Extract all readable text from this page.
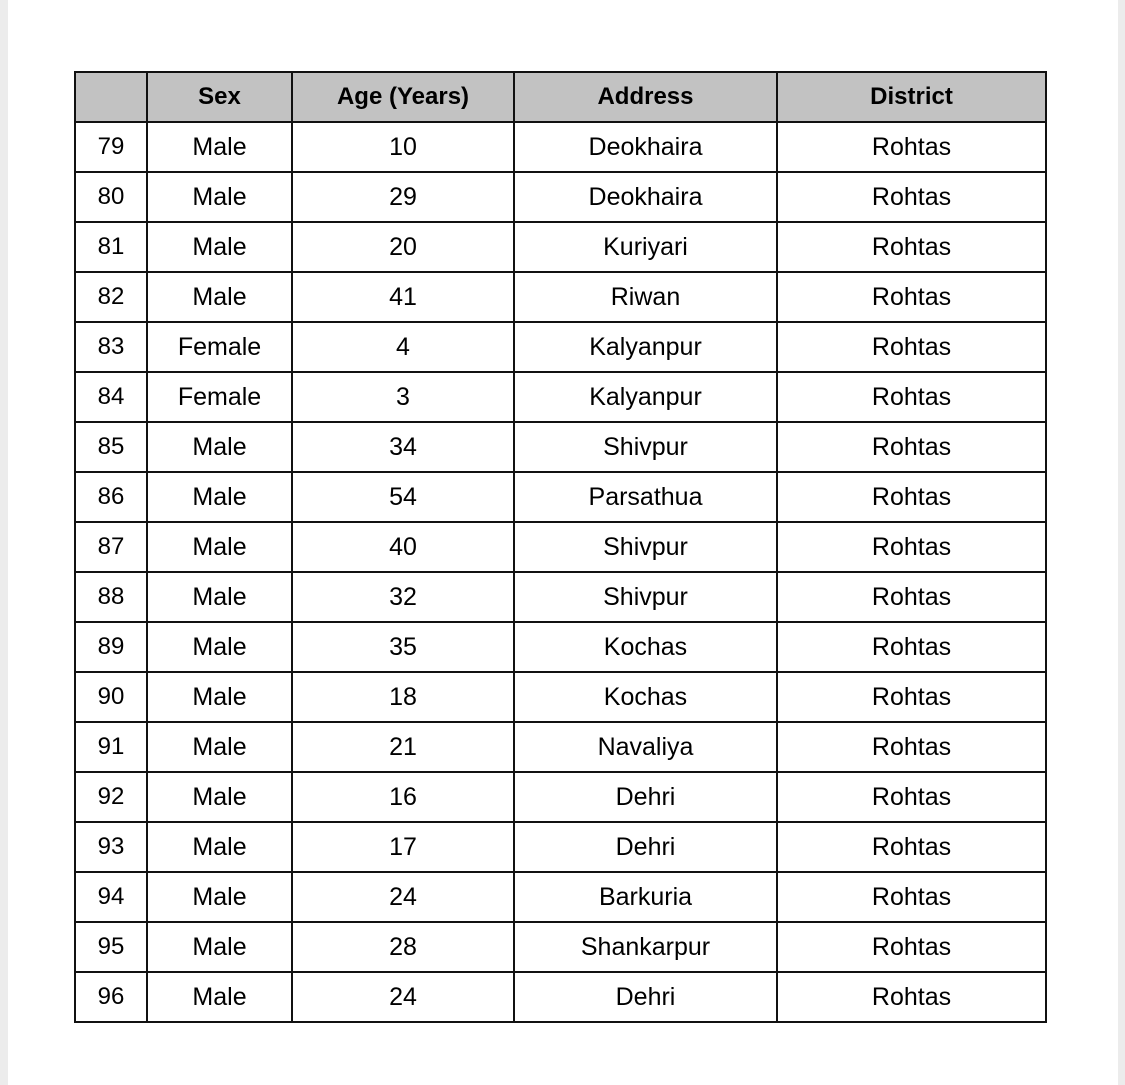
	Sex	Age (Years)	Address	District
79	Male	10	Deokhaira	Rohtas
80	Male	29	Deokhaira	Rohtas
81	Male	20	Kuriyari	Rohtas
82	Male	41	Riwan	Rohtas
83	Female	4	Kalyanpur	Rohtas
84	Female	3	Kalyanpur	Rohtas
85	Male	34	Shivpur	Rohtas
86	Male	54	Parsathua	Rohtas
87	Male	40	Shivpur	Rohtas
88	Male	32	Shivpur	Rohtas
89	Male	35	Kochas	Rohtas
90	Male	18	Kochas	Rohtas
91	Male	21	Navaliya	Rohtas
92	Male	16	Dehri	Rohtas
93	Male	17	Dehri	Rohtas
94	Male	24	Barkuria	Rohtas
95	Male	28	Shankarpur	Rohtas
96	Male	24	Dehri	Rohtas
